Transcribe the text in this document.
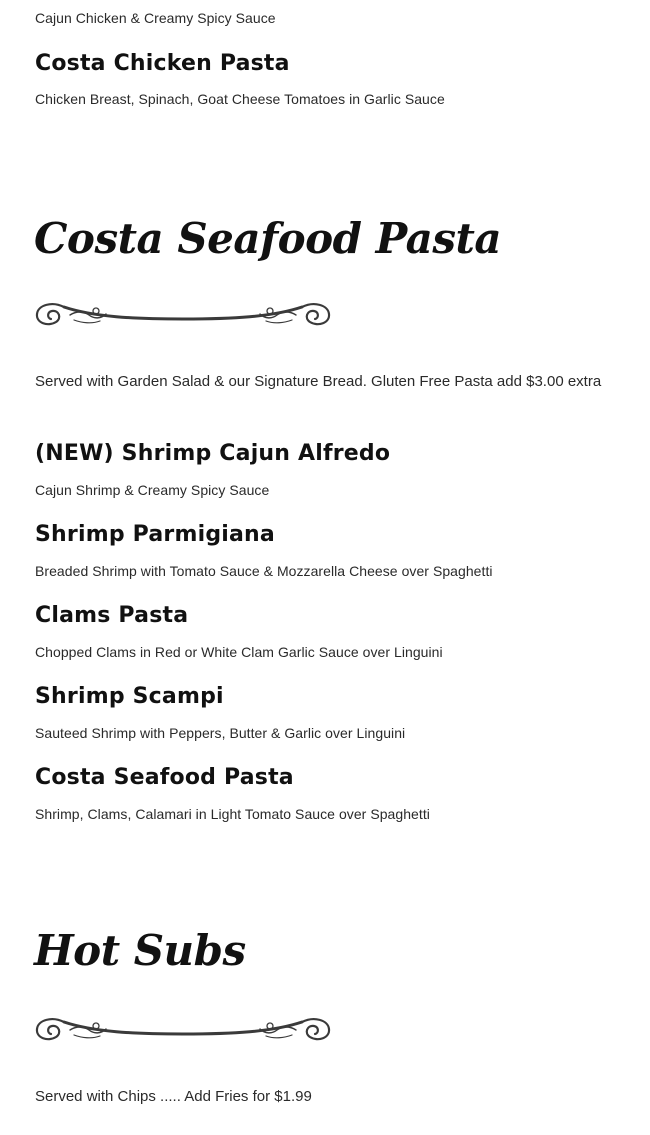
Cajun Chicken & Creamy Spicy Sauce
Costa Chicken Pasta
Chicken Breast, Spinach, Goat Cheese Tomatoes in Garlic Sauce
Costa Seafood Pasta
Served with Garden Salad & our Signature Bread. Gluten Free Pasta add $3.00 extra
(NEW) Shrimp Cajun Alfredo
Cajun Shrimp & Creamy Spicy Sauce
Shrimp Parmigiana
Breaded Shrimp with Tomato Sauce & Mozzarella Cheese over Spaghetti
Clams Pasta
Chopped Clams in Red or White Clam Garlic Sauce over Linguini
Shrimp Scampi
Sauteed Shrimp with Peppers, Butter & Garlic over Linguini
Costa Seafood Pasta
Shrimp, Clams, Calamari in Light Tomato Sauce over Spaghetti
Hot Subs
Served with Chips ..... Add Fries for $1.99
